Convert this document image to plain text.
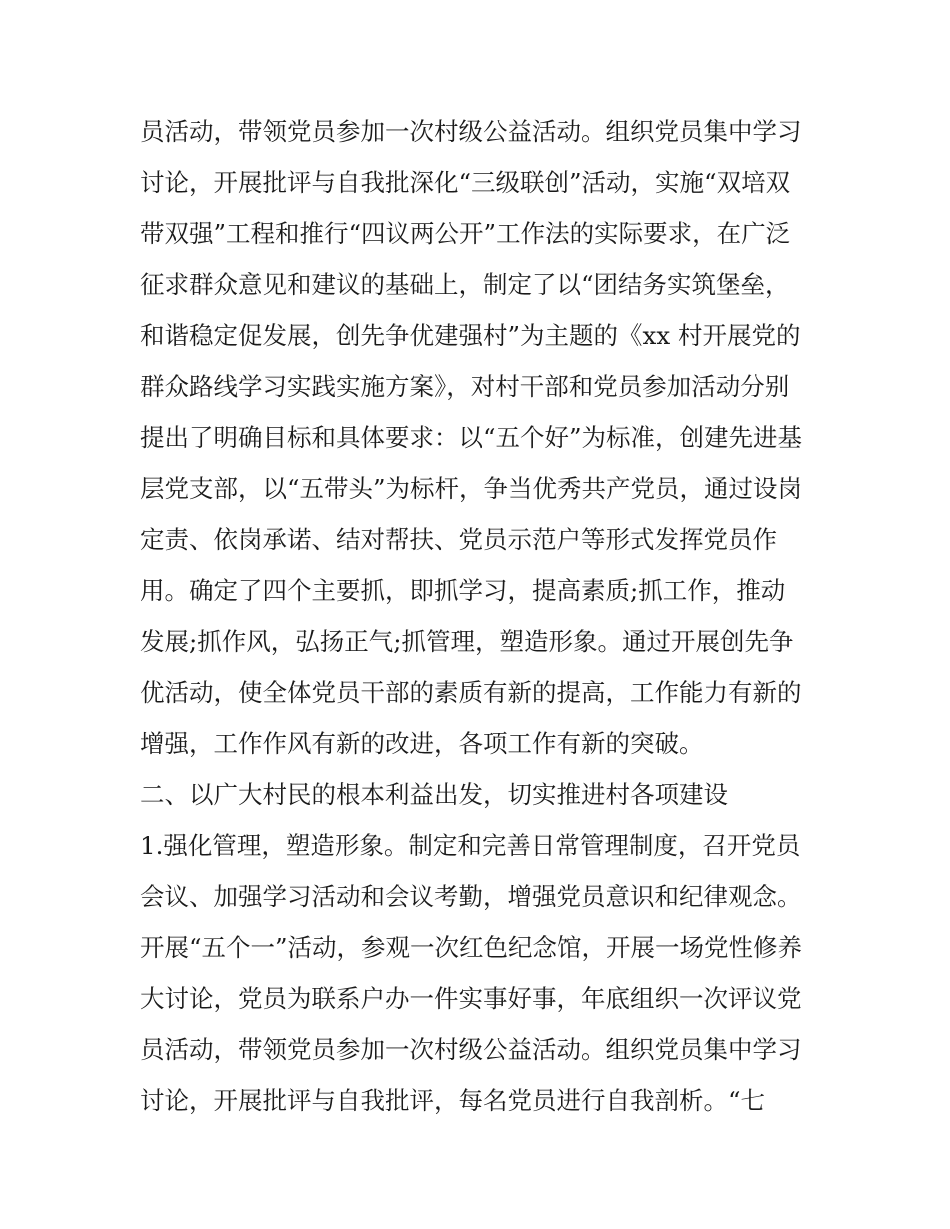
员活动，带领党员参加一次村级公益活动。组织党员集中学习
讨论，开展批评与自我批深化“三级联创”活动，实施“双培双
带双强”工程和推行“四议两公开”工作法的实际要求，在广泛
征求群众意见和建议的基础上，制定了以“团结务实筑堡垒，
和谐稳定促发展，创先争优建强村”为主题的《xx 村开展党的
群众路线学习实践实施方案》，对村干部和党员参加活动分别
提出了明确目标和具体要求：以“五个好”为标准，创建先进基
层党支部，以“五带头”为标杆，争当优秀共产党员，通过设岗
定责、依岗承诺、结对帮扶、党员示范户等形式发挥党员作
用。确定了四个主要抓，即抓学习，提高素质;抓工作，推动
发展;抓作风，弘扬正气;抓管理，塑造形象。通过开展创先争
优活动，使全体党员干部的素质有新的提高，工作能力有新的
增强，工作作风有新的改进，各项工作有新的突破。
二、以广大村民的根本利益出发，切实推进村各项建设
1.强化管理，塑造形象。制定和完善日常管理制度，召开党员
会议、加强学习活动和会议考勤，增强党员意识和纪律观念。
开展“五个一”活动，参观一次红色纪念馆，开展一场党性修养
大讨论，党员为联系户办一件实事好事，年底组织一次评议党
员活动，带领党员参加一次村级公益活动。组织党员集中学习
讨论，开展批评与自我批评，每名党员进行自我剖析。“七
